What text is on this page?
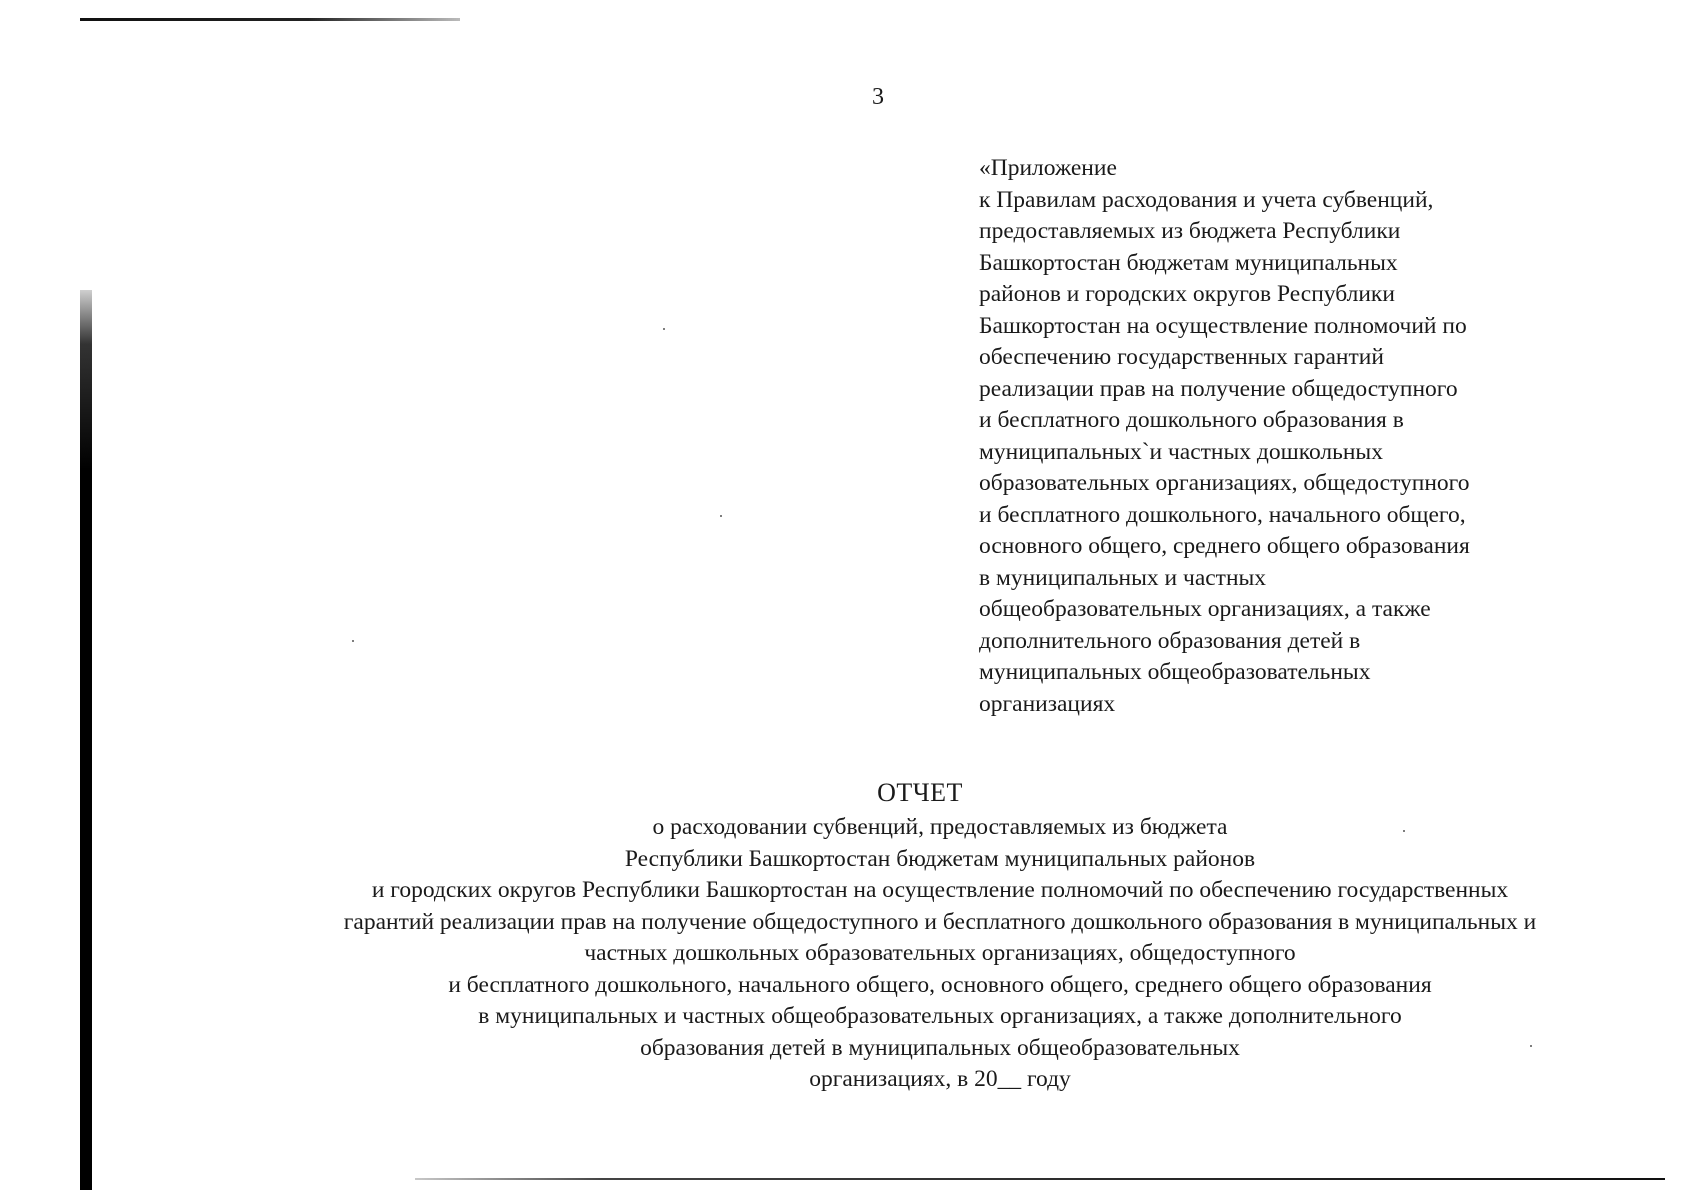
3
«Приложение
к Правилам расходования и учета субвенций,
предоставляемых из бюджета Республики
Башкортостан бюджетам муниципальных
районов и городских округов Республики
Башкортостан на осуществление полномочий по
обеспечению государственных гарантий
реализации прав на получение общедоступного
и бесплатного дошкольного образования в
муниципальных`и частных дошкольных
образовательных организациях, общедоступного
и бесплатного дошкольного, начального общего,
основного общего, среднего общего образования
в муниципальных и частных
общеобразовательных организациях, а также
дополнительного образования детей в
муниципальных общеобразовательных
организациях
ОТЧЕТ
о расходовании субвенций, предоставляемых из бюджета
Республики Башкортостан бюджетам муниципальных районов
и городских округов Республики Башкортостан на осуществление полномочий по обеспечению государственных
гарантий реализации прав на получение общедоступного и бесплатного дошкольного образования в муниципальных и
частных дошкольных образовательных организациях, общедоступного
и бесплатного дошкольного, начального общего, основного общего, среднего общего образования
в муниципальных и частных общеобразовательных организациях, а также дополнительного
образования детей в муниципальных общеобразовательных
организациях, в 20__ году
